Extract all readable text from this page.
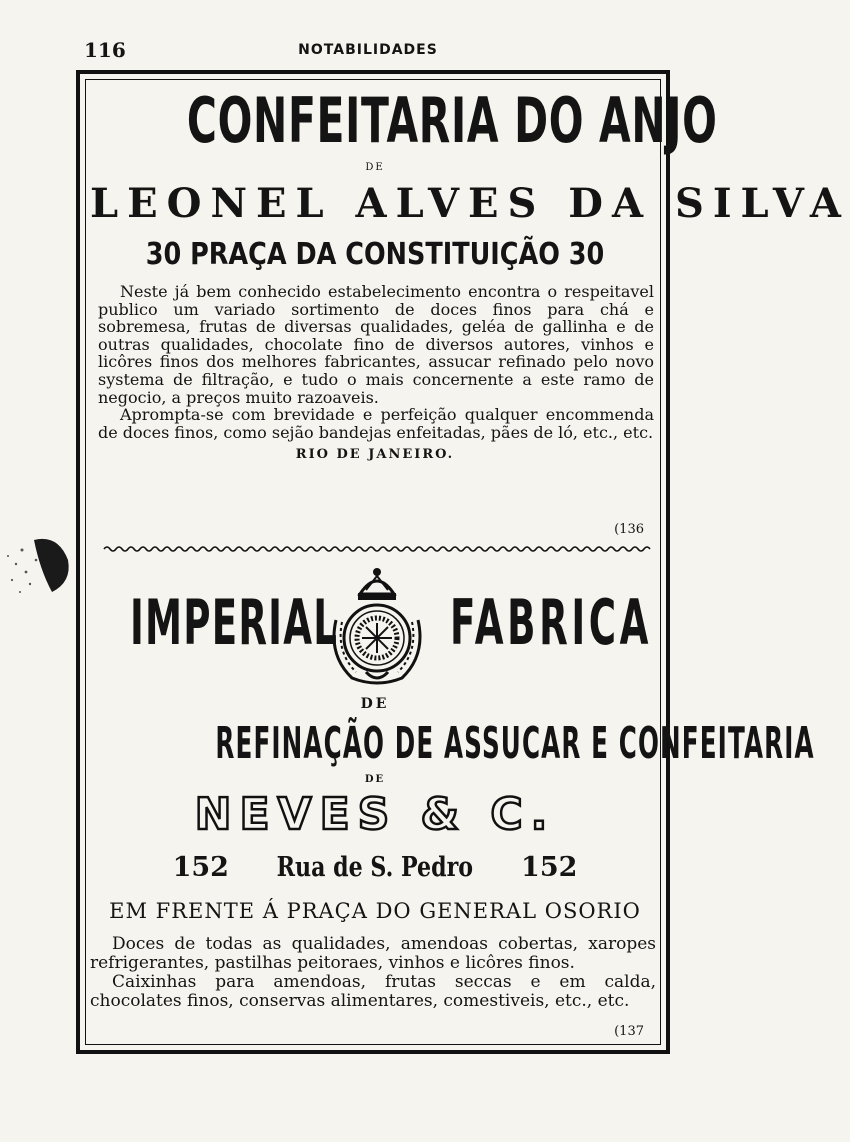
116	NOTABILIDADES
CONFEITARIA DO ANJO
DE
LEONEL ALVES DA SILVA
30 PRAÇA DA CONSTITUIÇÃO 30

Neste já bem conhecido estabelecimento encontra o respeitavel publico um variado sortimento de doces finos para chá e sobremesa, frutas de diversas qualidades, geléa de gallinha e de outras qualidades, chocolate fino de diversos autores, vinhos e licôres finos dos melhores fabricantes, assucar refinado pelo novo systema de filtração, e tudo o mais concernente a este ramo de negocio, a preços muito razoaveis.

Apromptа-se com brevidade e perfeição qualquer encommenda de doces finos, como sejão bandejas enfeitadas, pães de ló, etc., etc.

RIO DE JANEIRO.
(136
IMPERIAL FABRICA
DE
REFINAÇÃO DE ASSUCAR E CONFEITARIA
DE
NEVES & C.
152 Rua de S. Pedro 152
EM FRENTE Á PRAÇA DO GENERAL OSORIO

Doces de todas as qualidades, amendoas cobertas, xaropes refrigerantes, pastilhas peitoraes, vinhos e licôres finos.

Caixinhas para amendoas, frutas seccas e em calda, chocolates finos, conservas alimentares, comestiveis, etc., etc.

(137
